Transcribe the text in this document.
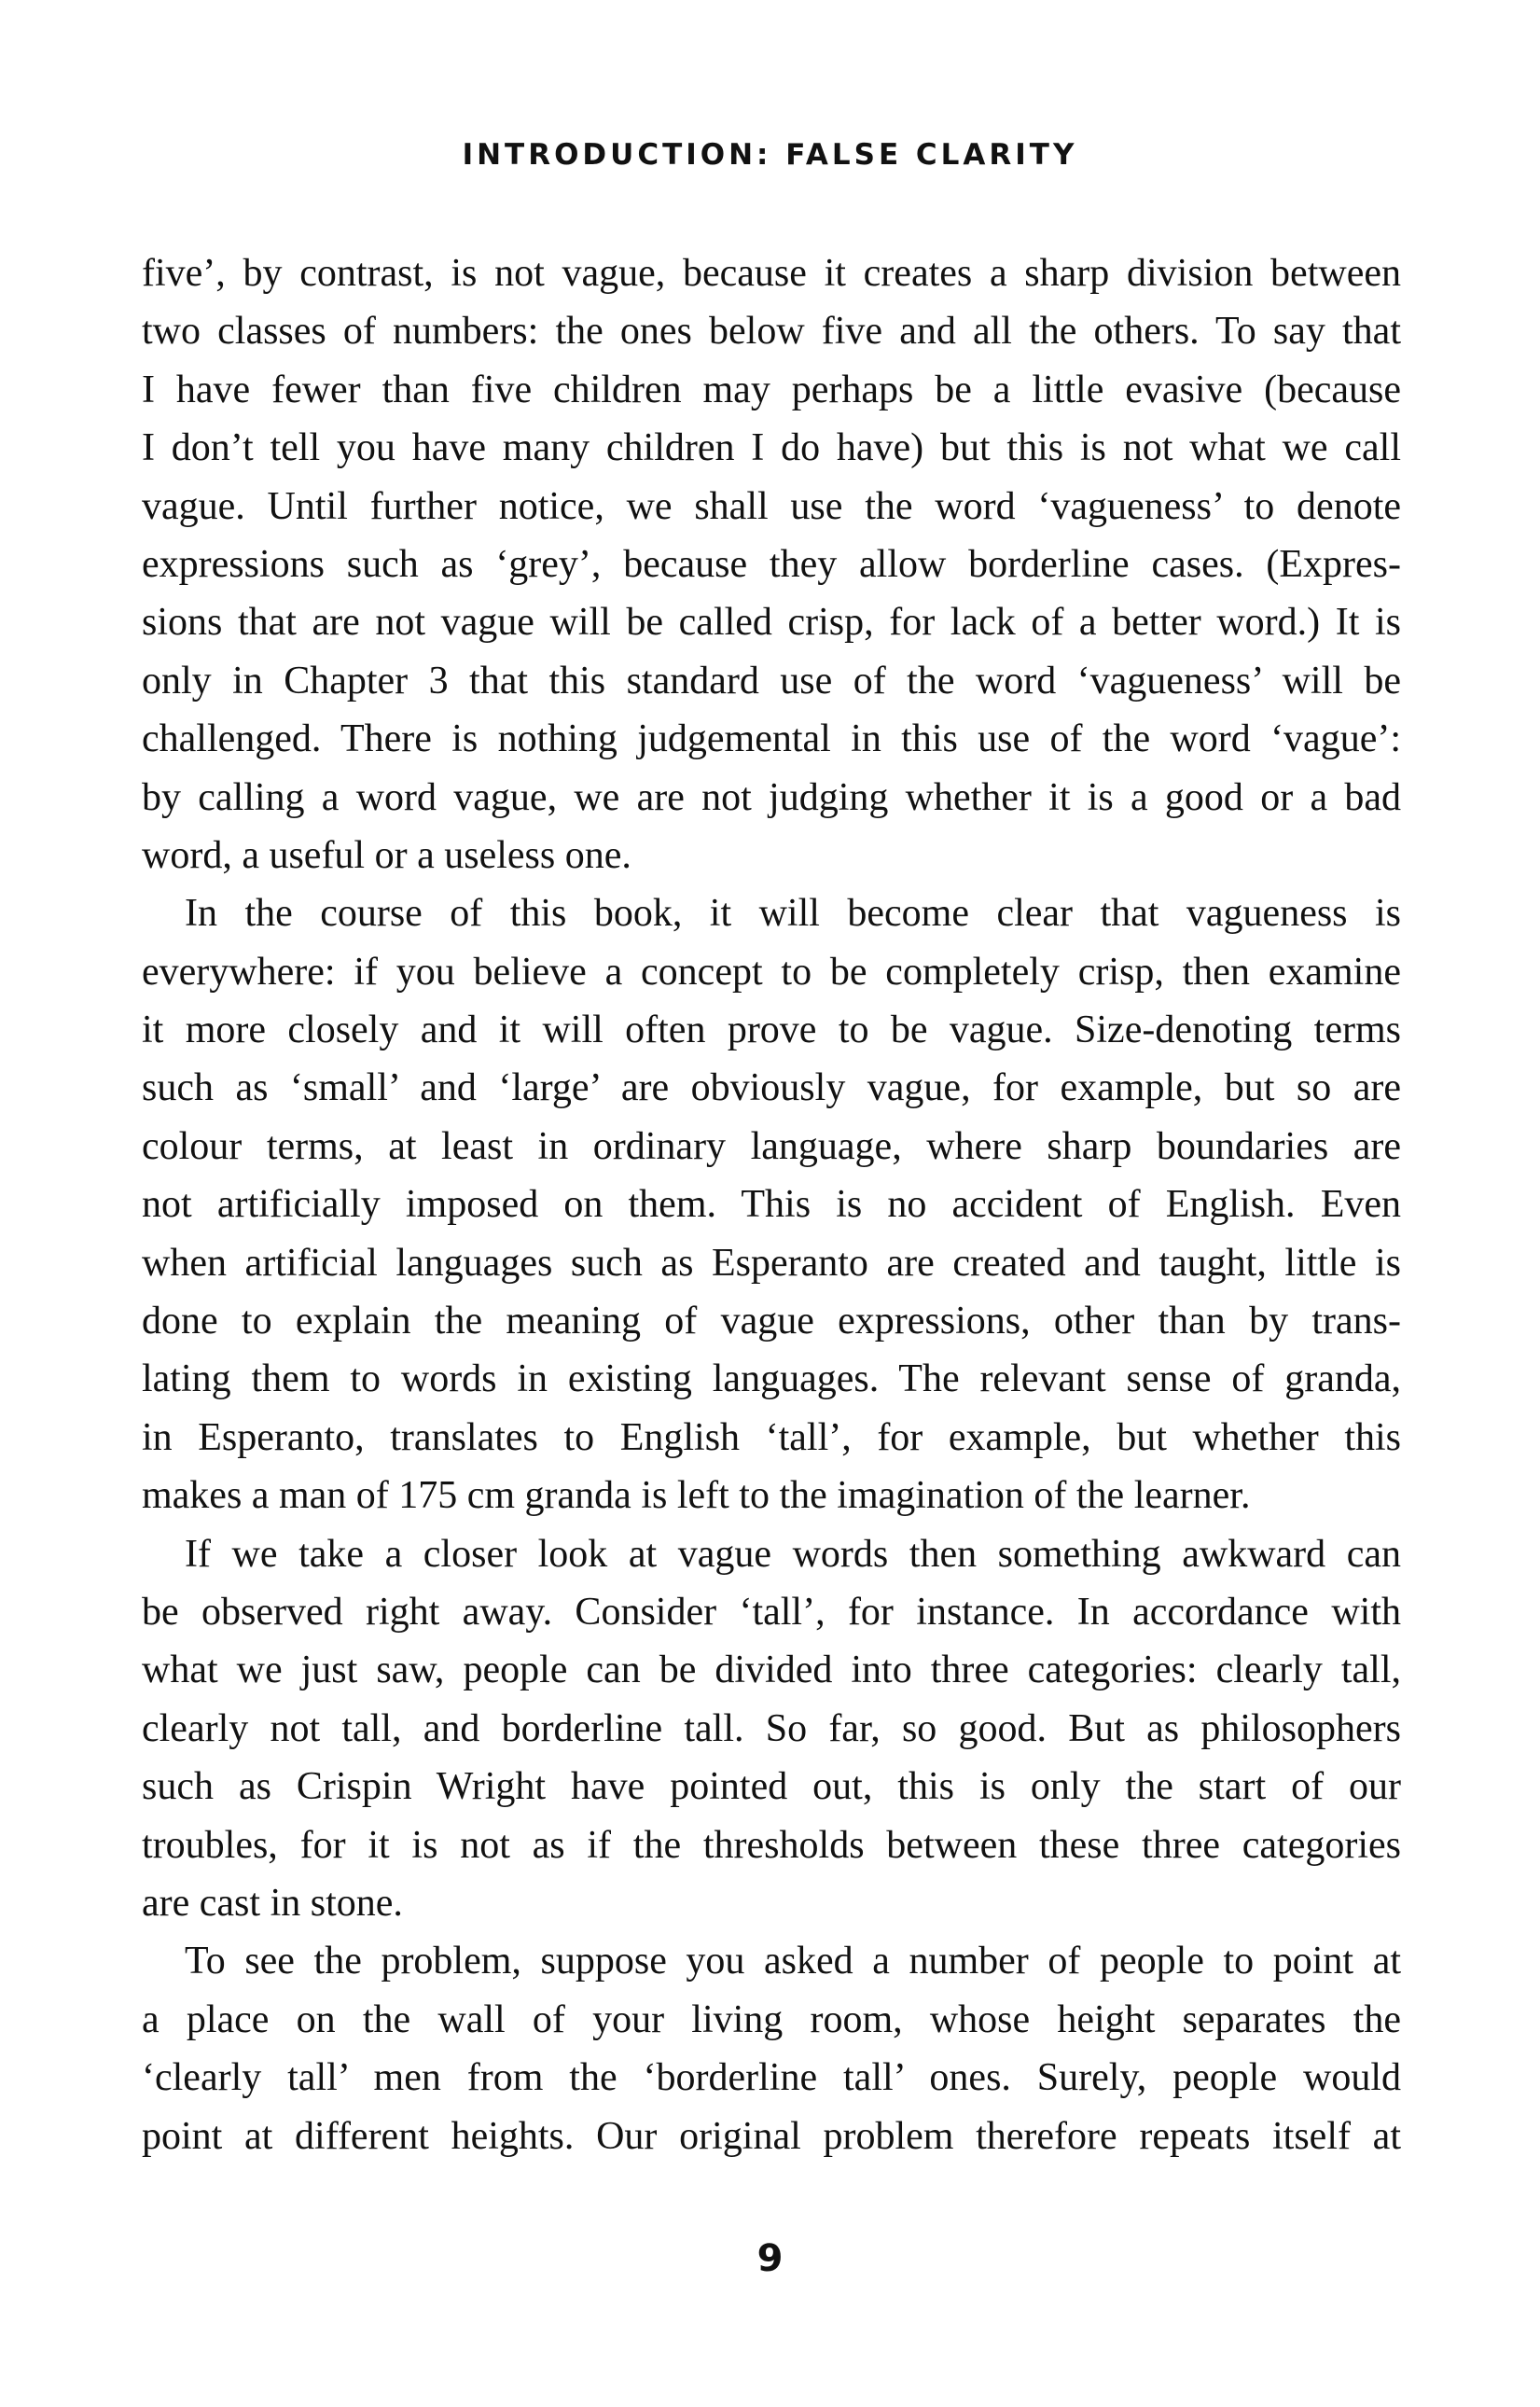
INTRODUCTION: FALSE CLARITY
five’, by contrast, is not vague, because it creates a sharp division between
two classes of numbers: the ones below five and all the others. To say that
I have fewer than five children may perhaps be a little evasive (because
I don’t tell you have many children I do have) but this is not what we call
vague. Until further notice, we shall use the word ‘vagueness’ to denote
expressions such as ‘grey’, because they allow borderline cases. (Expres-
sions that are not vague will be called crisp, for lack of a better word.) It is
only in Chapter 3 that this standard use of the word ‘vagueness’ will be
challenged. There is nothing judgemental in this use of the word ‘vague’:
by calling a word vague, we are not judging whether it is a good or a bad
word, a useful or a useless one.
In the course of this book, it will become clear that vagueness is
everywhere: if you believe a concept to be completely crisp, then examine
it more closely and it will often prove to be vague. Size-denoting terms
such as ‘small’ and ‘large’ are obviously vague, for example, but so are
colour terms, at least in ordinary language, where sharp boundaries are
not artificially imposed on them. This is no accident of English. Even
when artificial languages such as Esperanto are created and taught, little is
done to explain the meaning of vague expressions, other than by trans-
lating them to words in existing languages. The relevant sense of granda,
in Esperanto, translates to English ‘tall’, for example, but whether this
makes a man of 175 cm granda is left to the imagination of the learner.
If we take a closer look at vague words then something awkward can
be observed right away. Consider ‘tall’, for instance. In accordance with
what we just saw, people can be divided into three categories: clearly tall,
clearly not tall, and borderline tall. So far, so good. But as philosophers
such as Crispin Wright have pointed out, this is only the start of our
troubles, for it is not as if the thresholds between these three categories
are cast in stone.
To see the problem, suppose you asked a number of people to point at
a place on the wall of your living room, whose height separates the
‘clearly tall’ men from the ‘borderline tall’ ones. Surely, people would
point at different heights. Our original problem therefore repeats itself at
9
